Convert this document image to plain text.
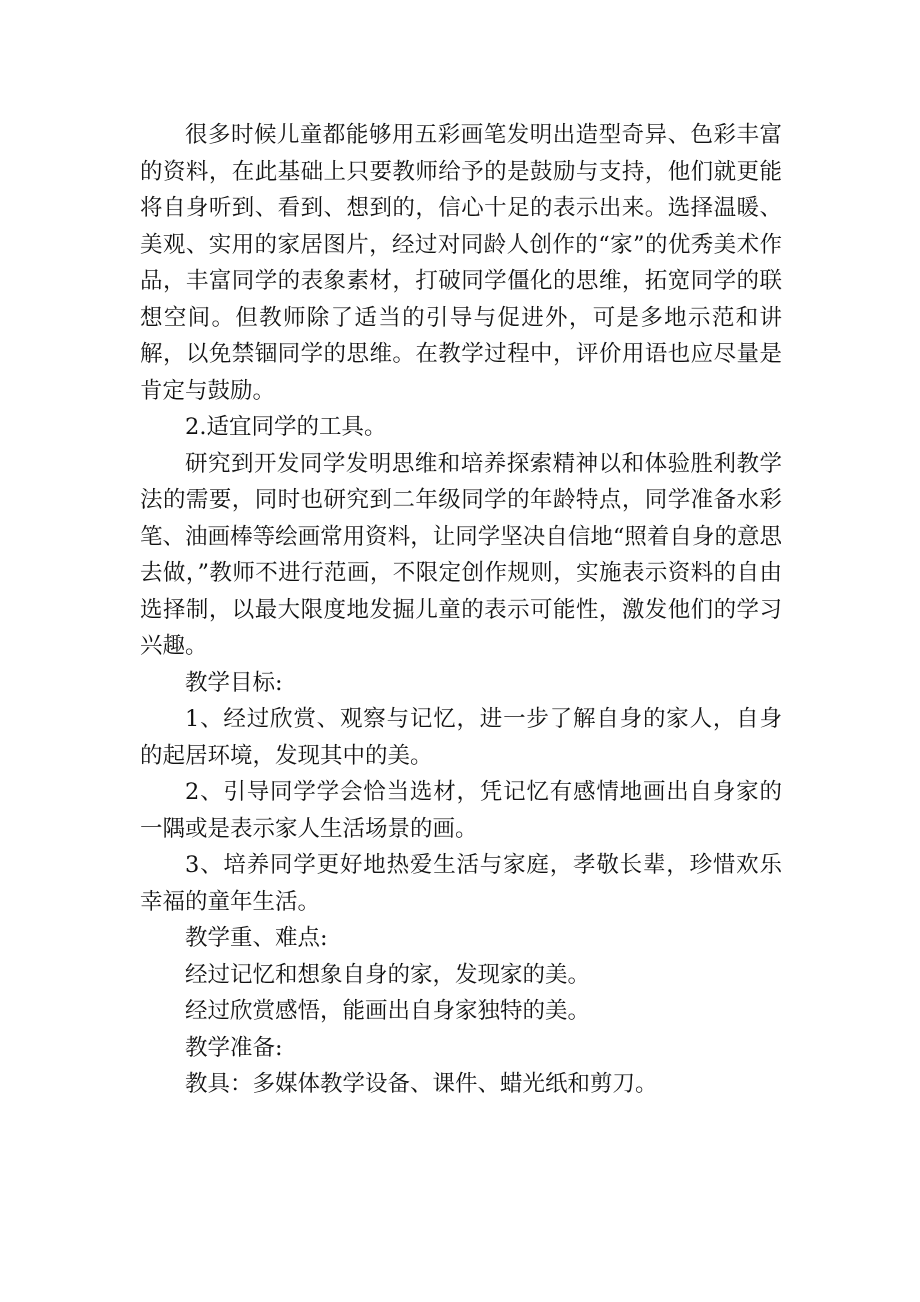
很多时候儿童都能够用五彩画笔发明出造型奇异、色彩丰富的资料，在此基础上只要教师给予的是鼓励与支持，他们就更能将自身听到、看到、想到的，信心十足的表示出来。选择温暖、美观、实用的家居图片，经过对同龄人创作的“家”的优秀美术作品，丰富同学的表象素材，打破同学僵化的思维，拓宽同学的联想空间。但教师除了适当的引导与促进外，可是多地示范和讲解，以免禁锢同学的思维。在教学过程中，评价用语也应尽量是肯定与鼓励。

2.适宜同学的工具。

研究到开发同学发明思维和培养探索精神以和体验胜利教学法的需要，同时也研究到二年级同学的年龄特点，同学准备水彩笔、油画棒等绘画常用资料，让同学坚决自信地“照着自身的意思去做，”教师不进行范画，不限定创作规则，实施表示资料的自由选择制，以最大限度地发掘儿童的表示可能性，激发他们的学习兴趣。

教学目标:

1、经过欣赏、观察与记忆，进一步了解自身的家人，自身的起居环境，发现其中的美。

2、引导同学学会恰当选材，凭记忆有感情地画出自身家的一隅或是表示家人生活场景的画。

3、培养同学更好地热爱生活与家庭，孝敬长辈，珍惜欢乐幸福的童年生活。

教学重、难点:

经过记忆和想象自身的家，发现家的美。

经过欣赏感悟，能画出自身家独特的美。

教学准备:

教具：多媒体教学设备、课件、蜡光纸和剪刀。
